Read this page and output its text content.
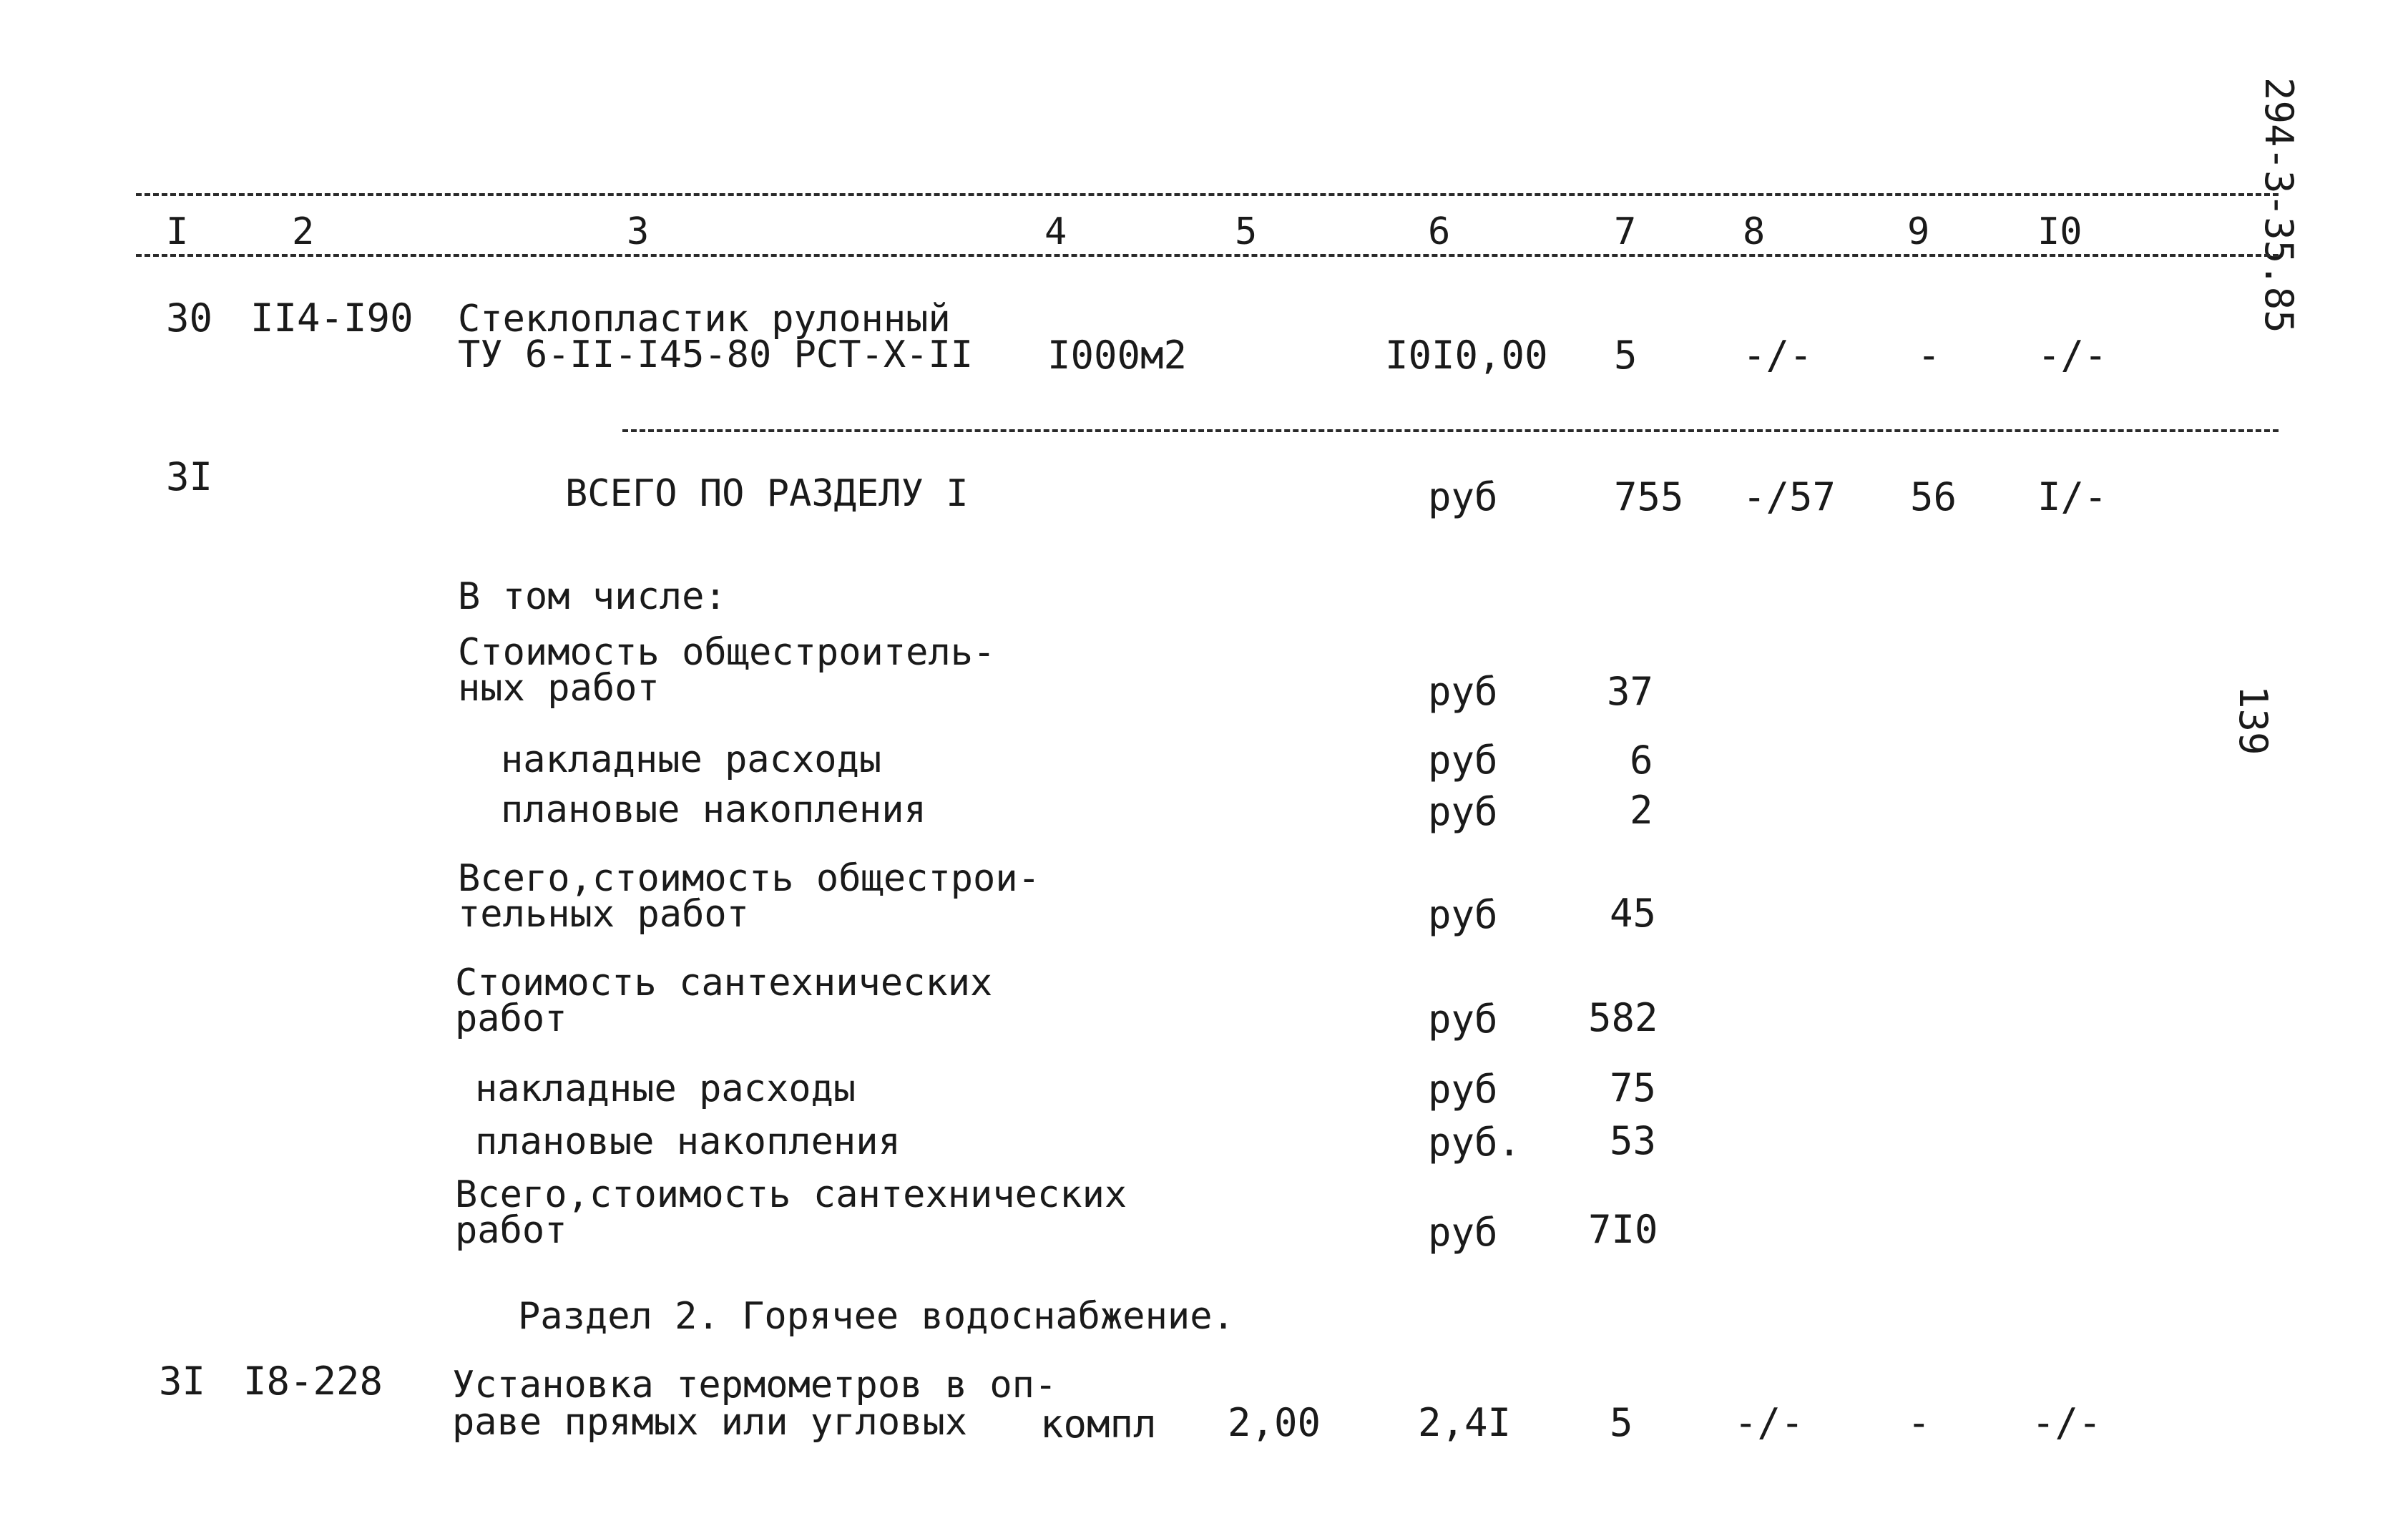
294-3-35.85
139
I	2	3	4	5	6	7	8	9	I0
30 II4-I90 Стеклопластик рулонный
ТУ 6-II-I45-80 РСТ-Х-II I000м2	I0I0,00 5	-/-	-	-/-
3I	ВСЕГО ПО РАЗДЕЛУ I	руб	755 -/57 56 I/-
В том числе:
Стоимость общестроитель-
ных работ	руб	37
накладные расходы	руб	6
плановые накопления	руб	2
Всего,стоимость общестрои-
тельных работ	руб	45
Стоимость сантехнических
работ	руб 582
накладные расходы	руб	75
плановые накопления	руб. 53
Всего,стоимость сантехнических
работ	руб 7I0
Раздел 2. Горячее водоснабжение.
3I I8-228 Установка термометров в оп-
раве прямых или угловых компл 2,00	2,4I	5	-/-	-	-/-
